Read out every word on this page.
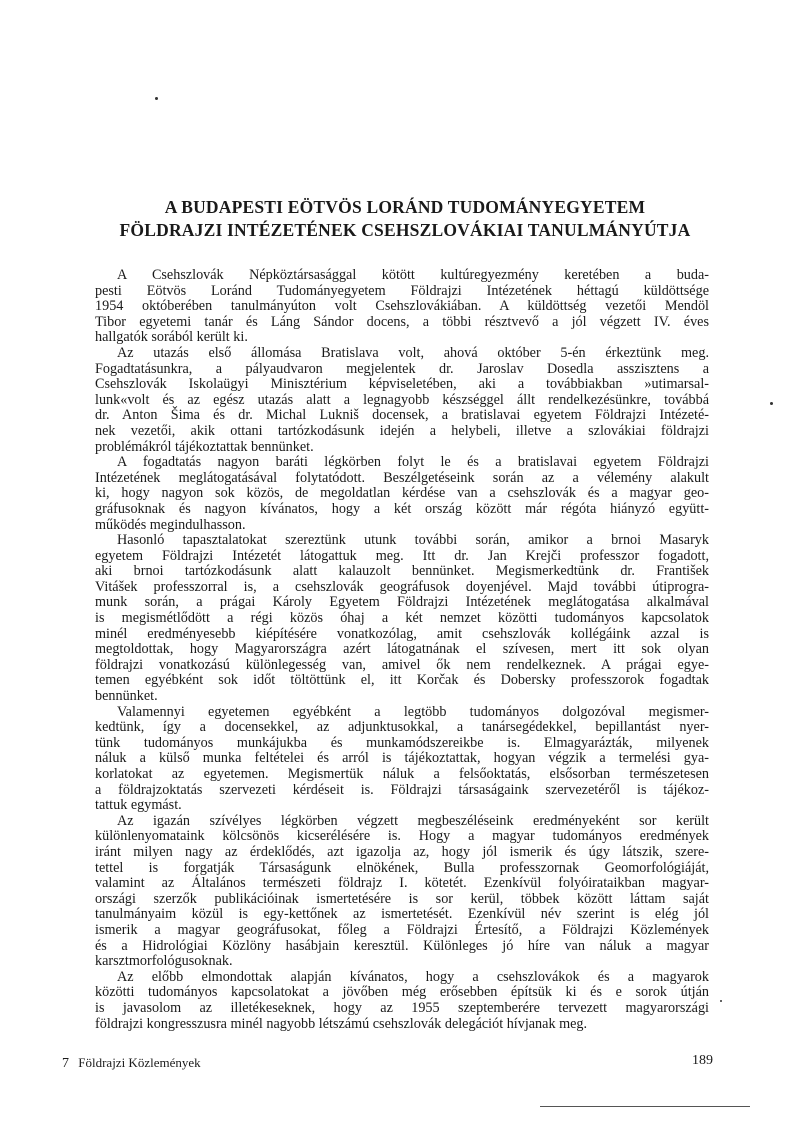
A BUDAPESTI EÖTVÖS LORÁND TUDOMÁNYEGYETEM
FÖLDRAJZI INTÉZETÉNEK CSEHSZLOVÁKIAI TANULMÁNYÚTJA
A Csehszlovák Népköztársasággal kötött kultúregyezmény keretében a buda-
pesti Eötvös Loránd Tudományegyetem Földrajzi Intézetének héttagú küldöttsége
1954 októberében tanulmányúton volt Csehszlovákiában. A küldöttség vezetői Mendöl
Tibor egyetemi tanár és Láng Sándor docens, a többi résztvevő a jól végzett IV. éves
hallgatók sorából került ki.
Az utazás első állomása Bratislava volt, ahová október 5-én érkeztünk meg.
Fogadtatásunkra, a pályaudvaron megjelentek dr. Jaroslav Dosedla asszisztens a
Csehszlovák Iskolaügyi Minisztérium képviseletében, aki a továbbiakban »utimarsal-
lunk«volt és az egész utazás alatt a legnagyobb készséggel állt rendelkezésünkre, továbbá
dr. Anton Šima és dr. Michal Lukniš docensek, a bratislavai egyetem Földrajzi Intézeté-
nek vezetői, akik ottani tartózkodásunk idején a helybeli, illetve a szlovákiai földrajzi
problémákról tájékoztattak bennünket.
A fogadtatás nagyon baráti légkörben folyt le és a bratislavai egyetem Földrajzi
Intézetének meglátogatásával folytatódott. Beszélgetéseink során az a vélemény alakult
ki, hogy nagyon sok közös, de megoldatlan kérdése van a csehszlovák és a magyar geo-
gráfusoknak és nagyon kívánatos, hogy a két ország között már régóta hiányzó együtt-
működés megindulhasson.
Hasonló tapasztalatokat szereztünk utunk további során, amikor a brnoi Masaryk
egyetem Földrajzi Intézetét látogattuk meg. Itt dr. Jan Krejči professzor fogadott,
aki brnoi tartózkodásunk alatt kalauzolt bennünket. Megismerkedtünk dr. František
Vitášek professzorral is, a csehszlovák geográfusok doyenjével. Majd további útiprogra-
munk során, a prágai Károly Egyetem Földrajzi Intézetének meglátogatása alkalmával
is megismétlődött a régi közös óhaj a két nemzet közötti tudományos kapcsolatok
minél eredményesebb kiépítésére vonatkozólag, amit csehszlovák kollégáink azzal is
megtoldottak, hogy Magyarországra azért látogatnának el szívesen, mert itt sok olyan
földrajzi vonatkozású különlegesség van, amivel ők nem rendelkeznek. A prágai egye-
temen egyébként sok időt töltöttünk el, itt Korčak és Dobersky professzorok fogadtak
bennünket.
Valamennyi egyetemen egyébként a legtöbb tudományos dolgozóval megismer-
kedtünk, így a docensekkel, az adjunktusokkal, a tanársegédekkel, bepillantást nyer-
tünk tudományos munkájukba és munkamódszereikbe is. Elmagyarázták, milyenek
náluk a külső munka feltételei és arról is tájékoztattak, hogyan végzik a termelési gya-
korlatokat az egyetemen. Megismertük náluk a felsőoktatás, elsősorban természetesen
a földrajzoktatás szervezeti kérdéseit is. Földrajzi társaságaink szervezetéről is tájékoz-
tattuk egymást.
Az igazán szívélyes légkörben végzett megbeszéléseink eredményeként sor került
különlenyomataink kölcsönös kicserélésére is. Hogy a magyar tudományos eredmények
iránt milyen nagy az érdeklődés, azt igazolja az, hogy jól ismerik és úgy látszik, szere-
tettel is forgatják Társaságunk elnökének, Bulla professzornak Geomorfológiáját,
valamint az Általános természeti földrajz I. kötetét. Ezenkívül folyóirataikban magyar-
országi szerzők publikációinak ismertetésére is sor kerül, többek között láttam saját
tanulmányaim közül is egy-kettőnek az ismertetését. Ezenkívül név szerint is elég jól
ismerik a magyar geográfusokat, főleg a Földrajzi Értesítő, a Földrajzi Közlemények
és a Hidrológiai Közlöny hasábjain keresztül. Különleges jó híre van náluk a magyar
karsztmorfológusoknak.
Az előbb elmondottak alapján kívánatos, hogy a csehszlovákok és a magyarok
közötti tudományos kapcsolatokat a jövőben még erősebben építsük ki és e sorok útján
is javasolom az illetékeseknek, hogy az 1955 szeptemberére tervezett magyarországi
földrajzi kongresszusra minél nagyobb létszámú csehszlovák delegációt hívjanak meg.
7 Földrajzi Közlemények	189
